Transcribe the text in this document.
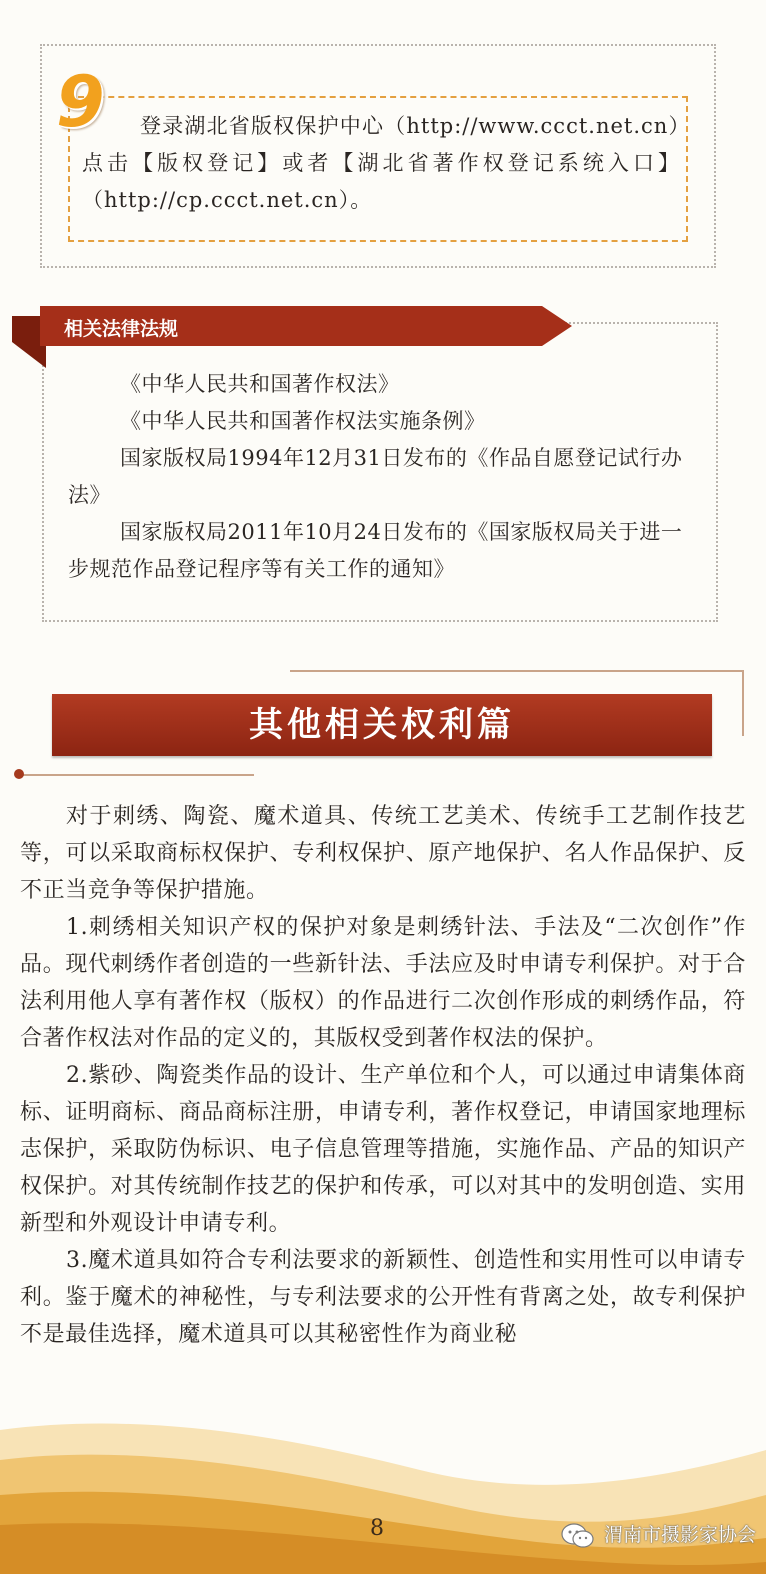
9	登录湖北省版权保护中心（http://www.ccct.net.cn）点击【版权登记】或者【湖北省著作权登记系统入口】（http://cp.ccct.net.cn）。

相关法律法规
《中华人民共和国著作权法》
《中华人民共和国著作权法实施条例》
国家版权局1994年12月31日发布的《作品自愿登记试行办法》
国家版权局2011年10月24日发布的《国家版权局关于进一步规范作品登记程序等有关工作的通知》
其他相关权利篇

对于刺绣、陶瓷、魔术道具、传统工艺美术、传统手工艺制作技艺等，可以采取商标权保护、专利权保护、原产地保护、名人作品保护、反不正当竞争等保护措施。

1.刺绣相关知识产权的保护对象是刺绣针法、手法及“二次创作”作品。现代刺绣作者创造的一些新针法、手法应及时申请专利保护。对于合法利用他人享有著作权（版权）的作品进行二次创作形成的刺绣作品，符合著作权法对作品的定义的，其版权受到著作权法的保护。

2.紫砂、陶瓷类作品的设计、生产单位和个人，可以通过申请集体商标、证明商标、商品商标注册，申请专利，著作权登记，申请国家地理标志保护，采取防伪标识、电子信息管理等措施，实施作品、产品的知识产权保护。对其传统制作技艺的保护和传承，可以对其中的发明创造、实用新型和外观设计申请专利。

3.魔术道具如符合专利法要求的新颖性、创造性和实用性可以申请专利。鉴于魔术的神秘性，与专利法要求的公开性有背离之处，故专利保护不是最佳选择，魔术道具可以其秘密性作为商业秘

8	渭南市摄影家协会
